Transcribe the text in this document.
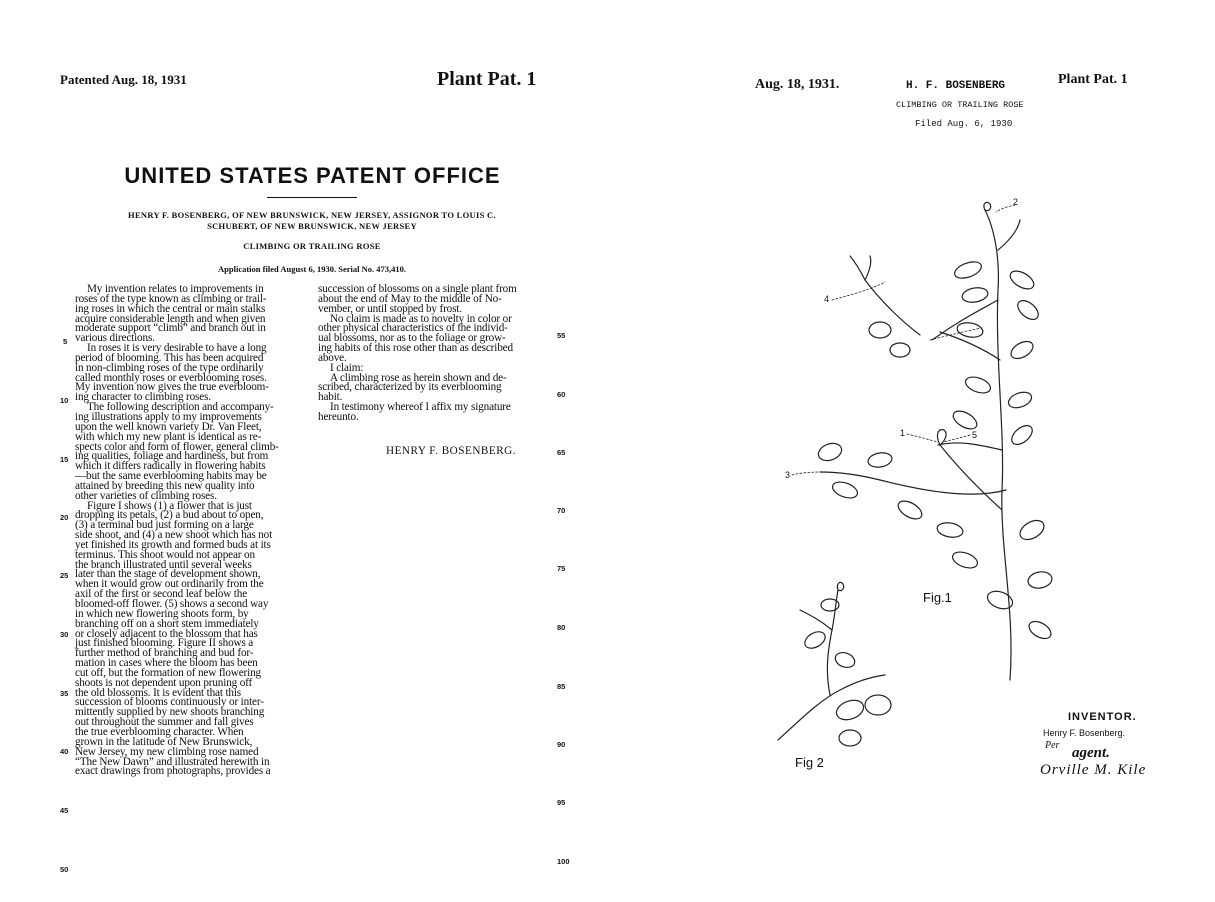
Patented Aug. 18, 1931	Plant Pat. 1
UNITED STATES PATENT OFFICE
HENRY F. BOSENBERG, OF NEW BRUNSWICK, NEW JERSEY, ASSIGNOR TO LOUIS C.
SCHUBERT, OF NEW BRUNSWICK, NEW JERSEY
CLIMBING OR TRAILING ROSE
Application filed August 6, 1930. Serial No. 473,410.
My invention relates to improvements in
roses of the type known as climbing or trail-
ing roses in which the central or main stalks
acquire considerable length and when given
moderate support “climb” and branch out in
various directions.
In roses it is very desirable to have a long
period of blooming. This has been acquired
in non-climbing roses of the type ordinarily
called monthly roses or everblooming roses.
My invention now gives the true everbloom-
ing character to climbing roses.
The following description and accompany-
ing illustrations apply to my improvements
upon the well known variety Dr. Van Fleet,
with which my new plant is identical as re-
spects color and form of flower, general climb-
ing qualities, foliage and hardiness, but from
which it differs radically in flowering habits
—but the same everblooming habits may be
attained by breeding this new quality into
other varieties of climbing roses.
Figure I shows (1) a flower that is just
dropping its petals, (2) a bud about to open,
(3) a terminal bud just forming on a large
side shoot, and (4) a new shoot which has not
yet finished its growth and formed buds at its
terminus. This shoot would not appear on
the branch illustrated until several weeks
later than the stage of development shown,
when it would grow out ordinarily from the
axil of the first or second leaf below the
bloomed-off flower. (5) shows a second way
in which new flowering shoots form, by
branching off on a short stem immediately
or closely adjacent to the blossom that has
just finished blooming. Figure II shows a
further method of branching and bud for-
mation in cases where the bloom has been
cut off, but the formation of new flowering
shoots is not dependent upon pruning off
the old blossoms. It is evident that this
succession of blooms continuously or inter-
mittently supplied by new shoots branching
out throughout the summer and fall gives
the true everblooming character. When
grown in the latitude of New Brunswick,
New Jersey, my new climbing rose named
“The New Dawn” and illustrated herewith in
exact drawings from photographs, provides a
succession of blossoms on a single plant from
about the end of May to the middle of No-
vember, or until stopped by frost.
No claim is made as to novelty in color or
other physical characteristics of the individ-
ual blossoms, nor as to the foliage or grow-
ing habits of this rose other than as described
above.
I claim:
A climbing rose as herein shown and de-
scribed, characterized by its everblooming
habit.
In testimony whereof I affix my signature
hereunto.
HENRY F. BOSENBERG.
5
10
15
20
25
30
35
40
45
50
55
60
65
70
75
80
85
90
95
100
Aug. 18, 1931.	H. F. BOSENBERG	Plant Pat. 1
CLIMBING OR TRAILING ROSE
Filed Aug. 6, 1930
1
2
3
4
5
Fig.1
Fig 2
INVENTOR.
Henry F. Bosenberg.
Per agent.
Orville M. Kile
